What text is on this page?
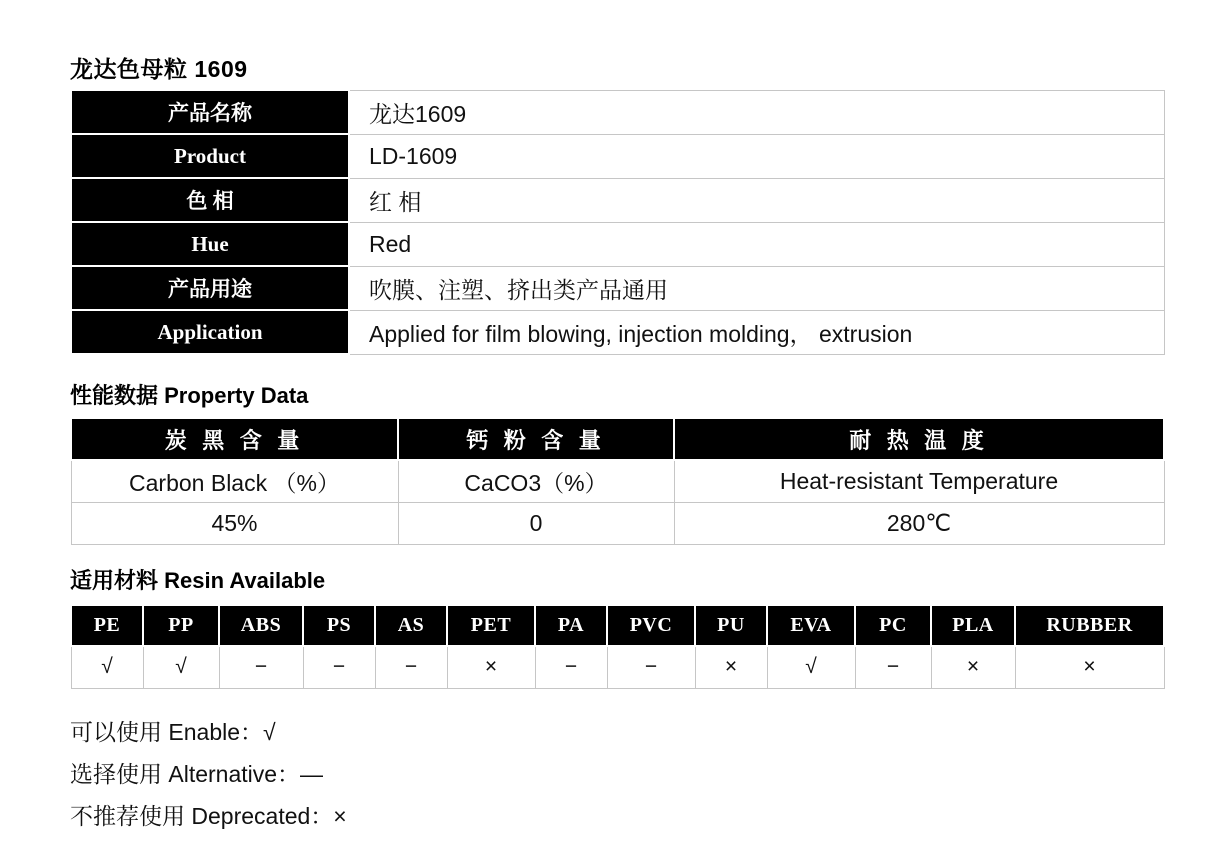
龙达色母粒 1609
产品名称	龙达1609
Product	LD-1609
色 相	红 相
Hue	Red
产品用途	吹膜、注塑、挤出类产品通用
Application	Applied for film blowing, injection molding， extrusion
性能数据 Property Data
炭 黑 含 量	钙 粉 含 量	耐 热 温 度
Carbon Black （%）	CaCO3（%）	Heat-resistant Temperature
45%	0	280℃
适用材料 Resin Available
PE	PP	ABS	PS	AS	PET	PA	PVC	PU	EVA	PC	PLA	RUBBER
√	√	−	−	−	×	−	−	×	√	−	×	×
可以使用 Enable：√
选择使用 Alternative：—
不推荐使用 Deprecated：×
